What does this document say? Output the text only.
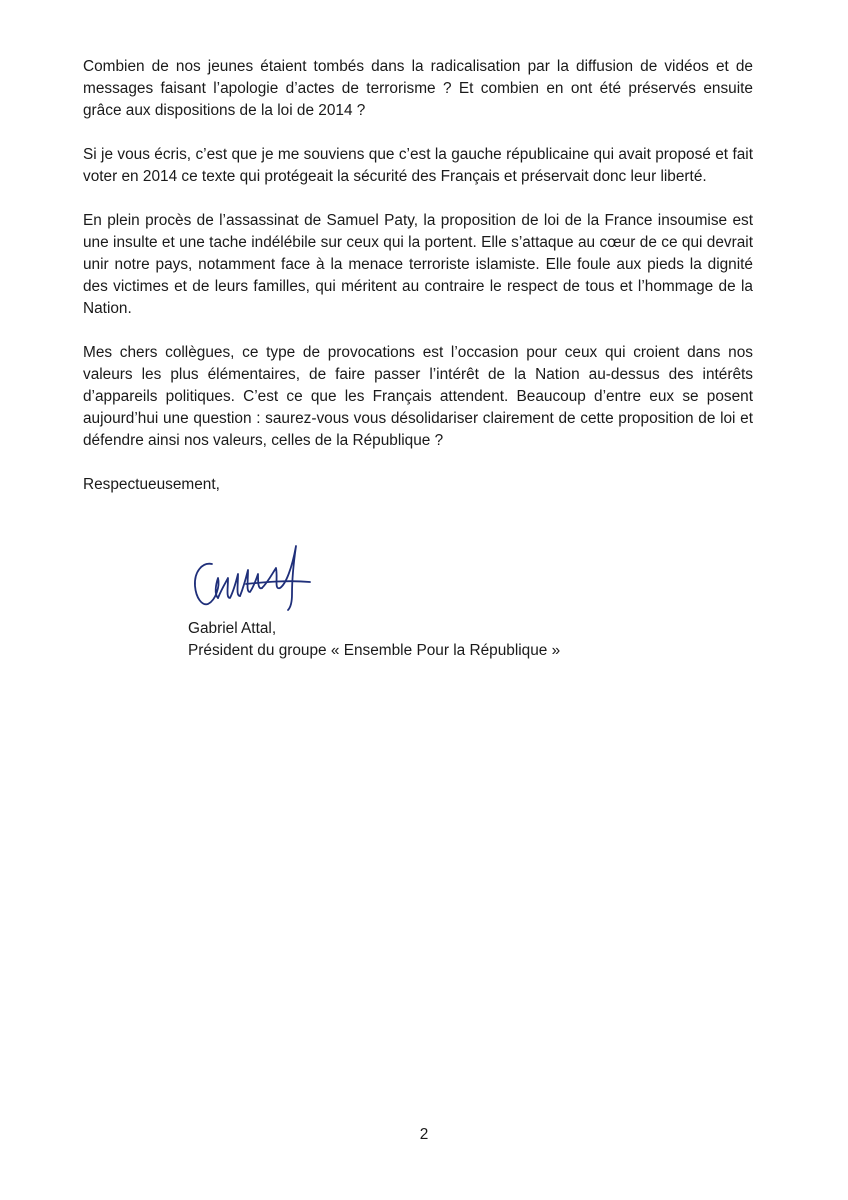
Combien de nos jeunes étaient tombés dans la radicalisation par la diffusion de vidéos et de messages faisant l’apologie d’actes de terrorisme ? Et combien en ont été préservés ensuite grâce aux dispositions de la loi de 2014 ?

Si je vous écris, c’est que je me souviens que c’est la gauche républicaine qui avait proposé et fait voter en 2014 ce texte qui protégeait la sécurité des Français et préservait donc leur liberté.

En plein procès de l’assassinat de Samuel Paty, la proposition de loi de la France insoumise est une insulte et une tache indélébile sur ceux qui la portent. Elle s’attaque au cœur de ce qui devrait unir notre pays, notamment face à la menace terroriste islamiste. Elle foule aux pieds la dignité des victimes et de leurs familles, qui méritent au contraire le respect de tous et l’hommage de la Nation.

Mes chers collègues, ce type de provocations est l’occasion pour ceux qui croient dans nos valeurs les plus élémentaires, de faire passer l’intérêt de la Nation au-dessus des intérêts d’appareils politiques. C’est ce que les Français attendent. Beaucoup d’entre eux se posent aujourd’hui une question : saurez-vous vous désolidariser clairement de cette proposition de loi et défendre ainsi nos valeurs, celles de la République ?

Respectueusement,

Gabriel Attal,
Président du groupe « Ensemble Pour la République »
2
